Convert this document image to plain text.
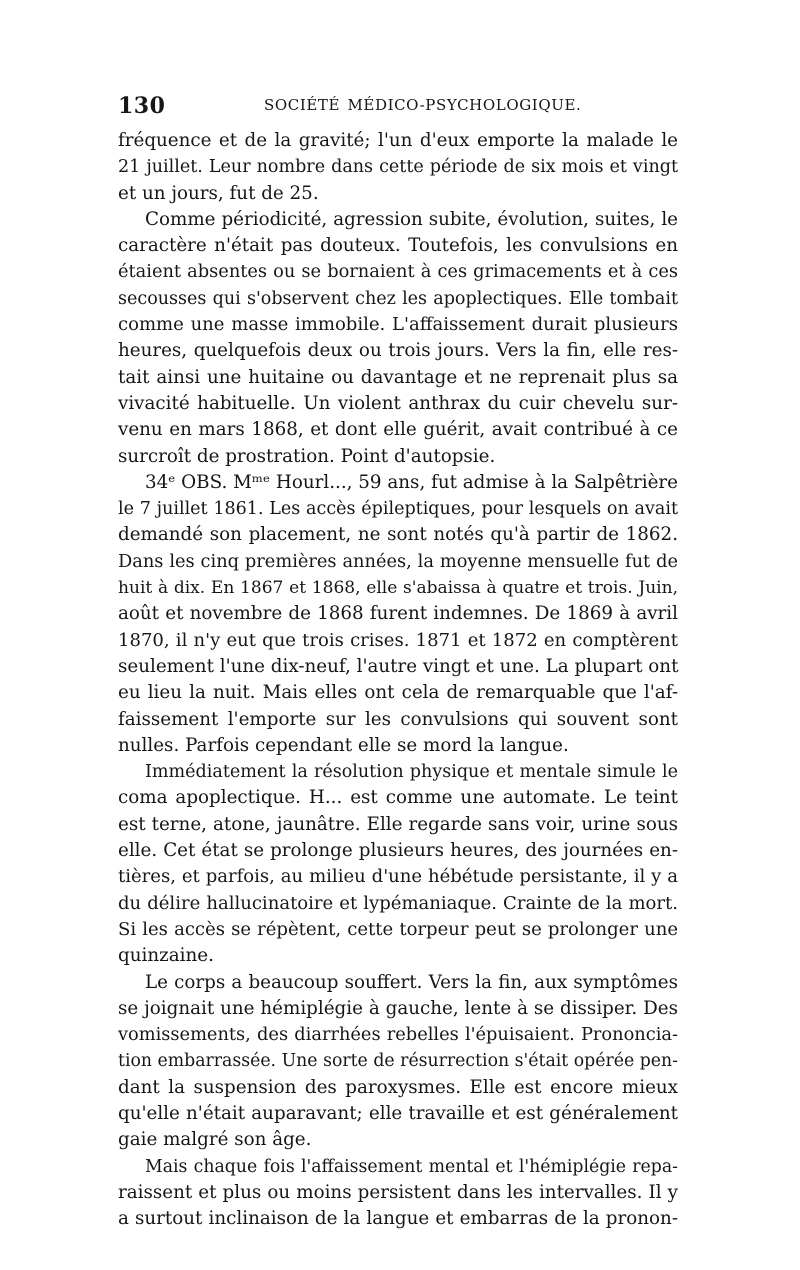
130	SOCIÉTÉ MÉDICO-PSYCHOLOGIQUE.
fréquence et de la gravité; l'un d'eux emporte la malade le
21 juillet. Leur nombre dans cette période de six mois et vingt
et un jours, fut de 25.
Comme périodicité, agression subite, évolution, suites, le
caractère n'était pas douteux. Toutefois, les convulsions en
étaient absentes ou se bornaient à ces grimacements et à ces
secousses qui s'observent chez les apoplectiques. Elle tombait
comme une masse immobile. L'affaissement durait plusieurs
heures, quelquefois deux ou trois jours. Vers la fin, elle res-
tait ainsi une huitaine ou davantage et ne reprenait plus sa
vivacité habituelle. Un violent anthrax du cuir chevelu sur-
venu en mars 1868, et dont elle guérit, avait contribué à ce
surcroît de prostration. Point d'autopsie.
34ᵉ OBS. Mᵐᵉ Hourl..., 59 ans, fut admise à la Salpêtrière
le 7 juillet 1861. Les accès épileptiques, pour lesquels on avait
demandé son placement, ne sont notés qu'à partir de 1862.
Dans les cinq premières années, la moyenne mensuelle fut de
huit à dix. En 1867 et 1868, elle s'abaissa à quatre et trois. Juin,
août et novembre de 1868 furent indemnes. De 1869 à avril
1870, il n'y eut que trois crises. 1871 et 1872 en comptèrent
seulement l'une dix-neuf, l'autre vingt et une. La plupart ont
eu lieu la nuit. Mais elles ont cela de remarquable que l'af-
faissement l'emporte sur les convulsions qui souvent sont
nulles. Parfois cependant elle se mord la langue.
Immédiatement la résolution physique et mentale simule le
coma apoplectique. H... est comme une automate. Le teint
est terne, atone, jaunâtre. Elle regarde sans voir, urine sous
elle. Cet état se prolonge plusieurs heures, des journées en-
tières, et parfois, au milieu d'une hébétude persistante, il y a
du délire hallucinatoire et lypémaniaque. Crainte de la mort.
Si les accès se répètent, cette torpeur peut se prolonger une
quinzaine.
Le corps a beaucoup souffert. Vers la fin, aux symptômes
se joignait une hémiplégie à gauche, lente à se dissiper. Des
vomissements, des diarrhées rebelles l'épuisaient. Prononcia-
tion embarrassée. Une sorte de résurrection s'était opérée pen-
dant la suspension des paroxysmes. Elle est encore mieux
qu'elle n'était auparavant; elle travaille et est généralement
gaie malgré son âge.
Mais chaque fois l'affaissement mental et l'hémiplégie repa-
raissent et plus ou moins persistent dans les intervalles. Il y
a surtout inclinaison de la langue et embarras de la pronon-
